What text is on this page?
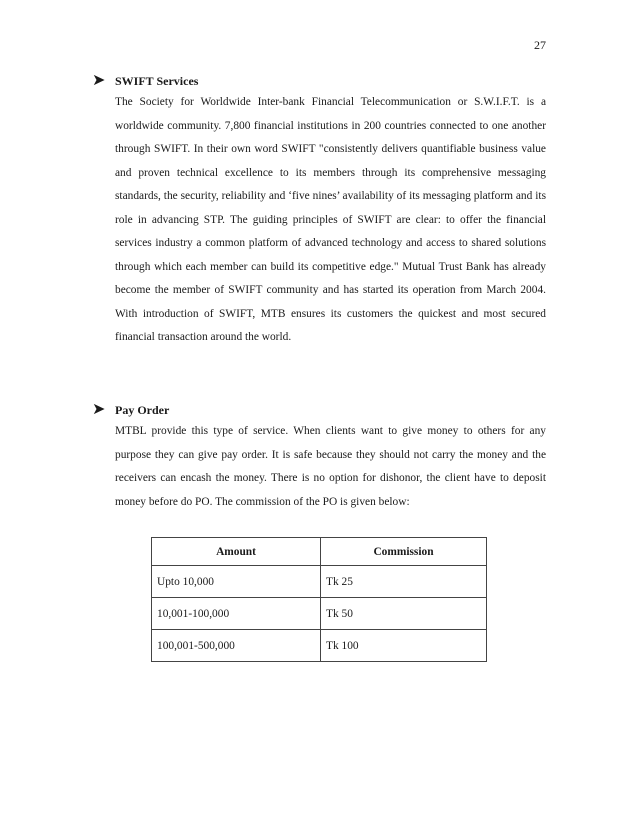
27
➤ SWIFT Services

The Society for Worldwide Inter-bank Financial Telecommunication or S.W.I.F.T. is a worldwide community. 7,800 financial institutions in 200 countries connected to one another through SWIFT. In their own word SWIFT "consistently delivers quantifiable business value and proven technical excellence to its members through its comprehensive messaging standards, the security, reliability and ‘five nines’ availability of its messaging platform and its role in advancing STP. The guiding principles of SWIFT are clear: to offer the financial services industry a common platform of advanced technology and access to shared solutions through which each member can build its competitive edge." Mutual Trust Bank has already become the member of SWIFT community and has started its operation from March 2004. With introduction of SWIFT, MTB ensures its customers the quickest and most secured financial transaction around the world.

➤ Pay Order

MTBL provide this type of service. When clients want to give money to others for any purpose they can give pay order. It is safe because they should not carry the money and the receivers can encash the money. There is no option for dishonor, the client have to deposit money before do PO. The commission of the PO is given below:

Amount	Commission
Upto 10,000	Tk 25
10,001-100,000	Tk 50
100,001-500,000	Tk 100
